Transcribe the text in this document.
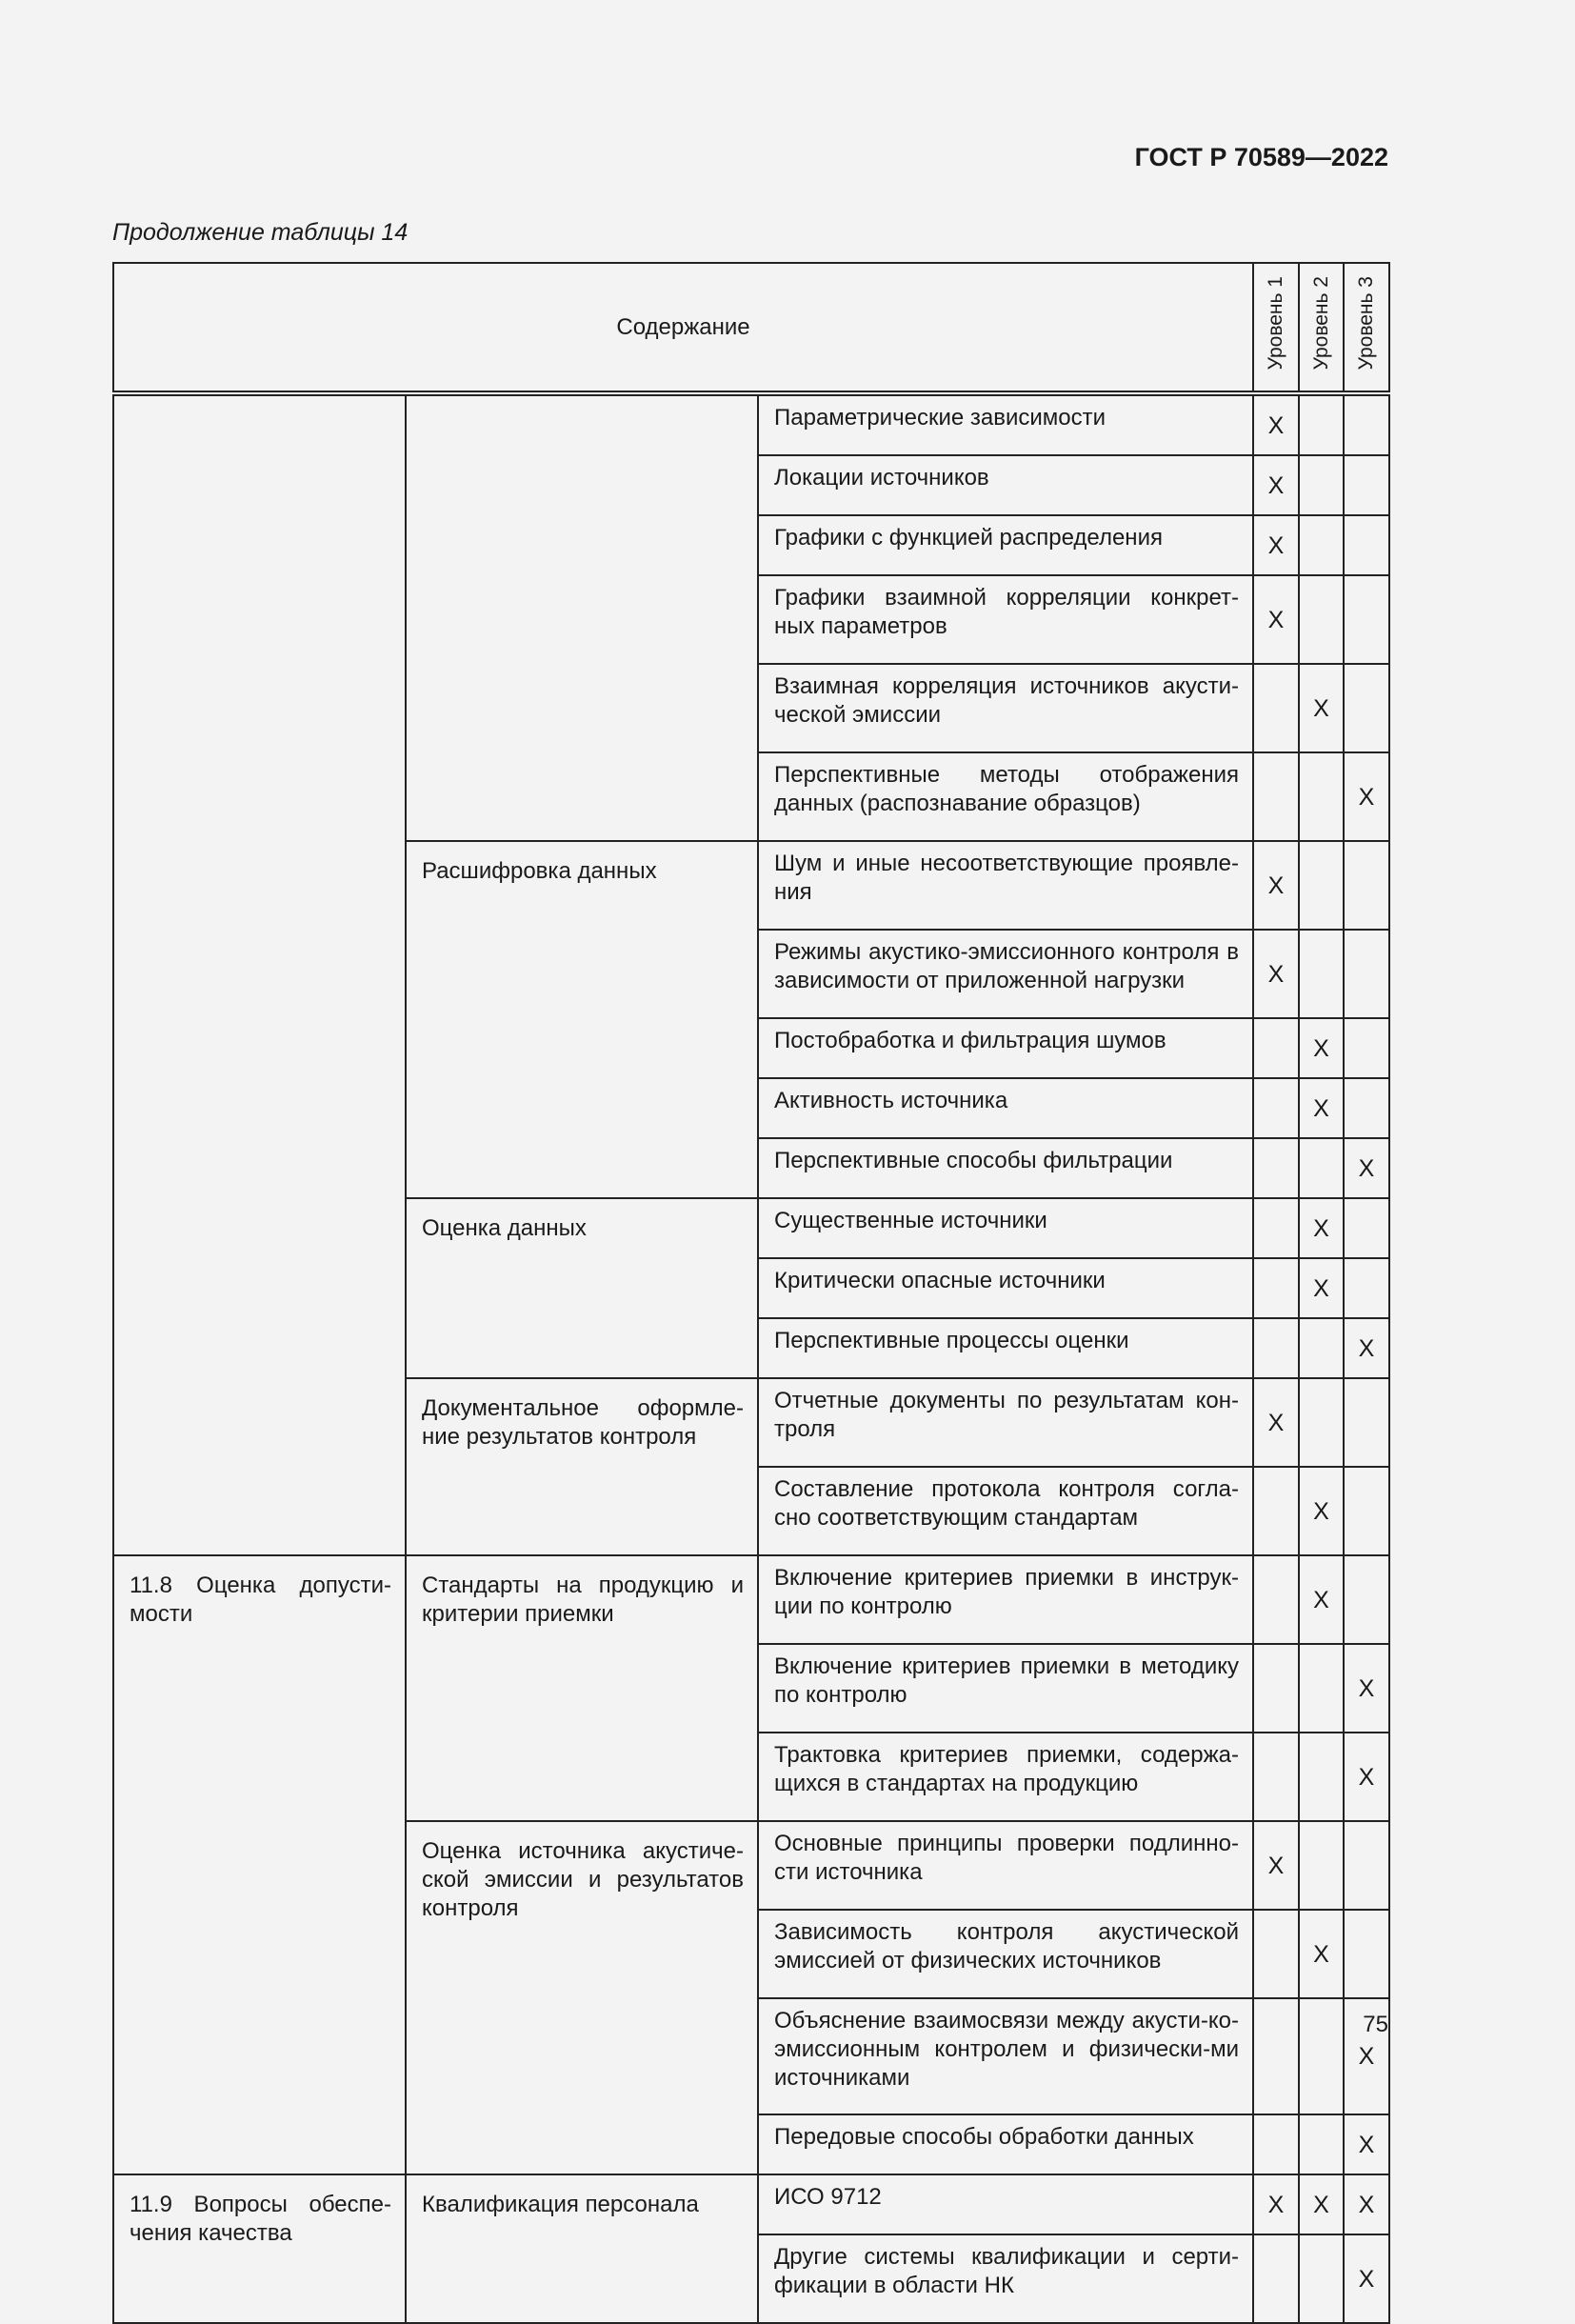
ГОСТ Р 70589—2022
Продолжение таблицы 14
Содержание			Уровень 1	Уровень 2	Уровень 3
		Параметрические зависимости	X		
		Локации источников	X		
		Графики с функцией распределения	X		
		Графики взаимной корреляции конкрет-ных параметров	X		
		Взаимная корреляция источников акусти-ческой эмиссии		X	
		Перспективные методы отображения данных (распознавание образцов)			X
	Расшифровка данных	Шум и иные несоответствующие проявле-ния	X		
		Режимы акустико-эмиссионного контроля в зависимости от приложенной нагрузки	X		
		Постобработка и фильтрация шумов		X	
		Активность источника		X	
		Перспективные способы фильтрации			X
	Оценка данных	Существенные источники		X	
		Критически опасные источники		X	
		Перспективные процессы оценки			X
	Документальное оформле-ние результатов контроля	Отчетные документы по результатам кон-троля	X		
		Составление протокола контроля согла-сно соответствующим стандартам		X	
11.8 Оценка допусти-мости	Стандарты на продукцию и критерии приемки	Включение критериев приемки в инструк-ции по контролю		X	
		Включение критериев приемки в методику по контролю			X
		Трактовка критериев приемки, содержа-щихся в стандартах на продукцию			X
	Оценка источника акустиче-ской эмиссии и результатов контроля	Основные принципы проверки подлинно-сти источника	X		
		Зависимость контроля акустической эмиссией от физических источников		X	
		Объяснение взаимосвязи между акусти-ко-эмиссионным контролем и физически-ми источниками			X
		Передовые способы обработки данных			X
11.9 Вопросы обеспе-чения качества	Квалификация персонала	ИСО 9712	X	X	X
		Другие системы квалификации и серти-фикации в области НК			X
75
